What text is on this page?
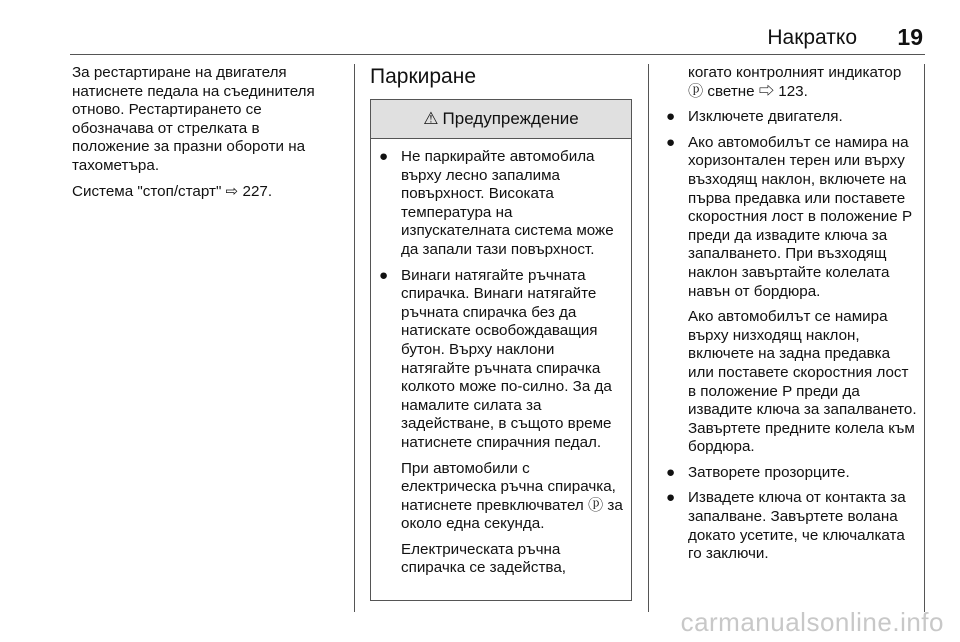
Накратко 19

За рестартиране на двигателя натиснете педала на съединителя отново. Рестартирането се обозначава от стрелката в положение за празни обороти на тахометъра.

Система "стоп/старт" ⇨ 227.

Паркиране
⚠ Предупреждение
● Не паркирайте автомобила върху лесно запалима повърхност. Високата температура на изпускателната система може да запали тази повърхност.
● Винаги натягайте ръчната спирачка. Винаги натягайте ръчната спирачка без да натискате освобождаващия бутон. Върху наклони натягайте ръчната спирачка колкото може по-силно. За да намалите силата за задействане, в същото време натиснете спирачния педал.
При автомобили с електрическа ръчна спирачка, натиснете превключвател ⓟ за около една секунда.
Електрическата ръчна спирачка се задейства,
когато контролният индикатор ⓟ светне ⇨ 123.
● Изключете двигателя.
● Ако автомобилът се намира на хоризонтален терен или върху възходящ наклон, включете на първа предавка или поставете скоростния лост в положение P преди да извадите ключа за запалването. При възходящ наклон завъртайте колелата навън от бордюра.
Ако автомобилът се намира върху низходящ наклон, включете на задна предавка или поставете скоростния лост в положение P преди да извадите ключа за запалването. Завъртете предните колела към бордюра.
● Затворете прозорците.
● Извадете ключа от контакта за запалване. Завъртете волана докато усетите, че ключалката го заключи.
carmanualsonline.info
